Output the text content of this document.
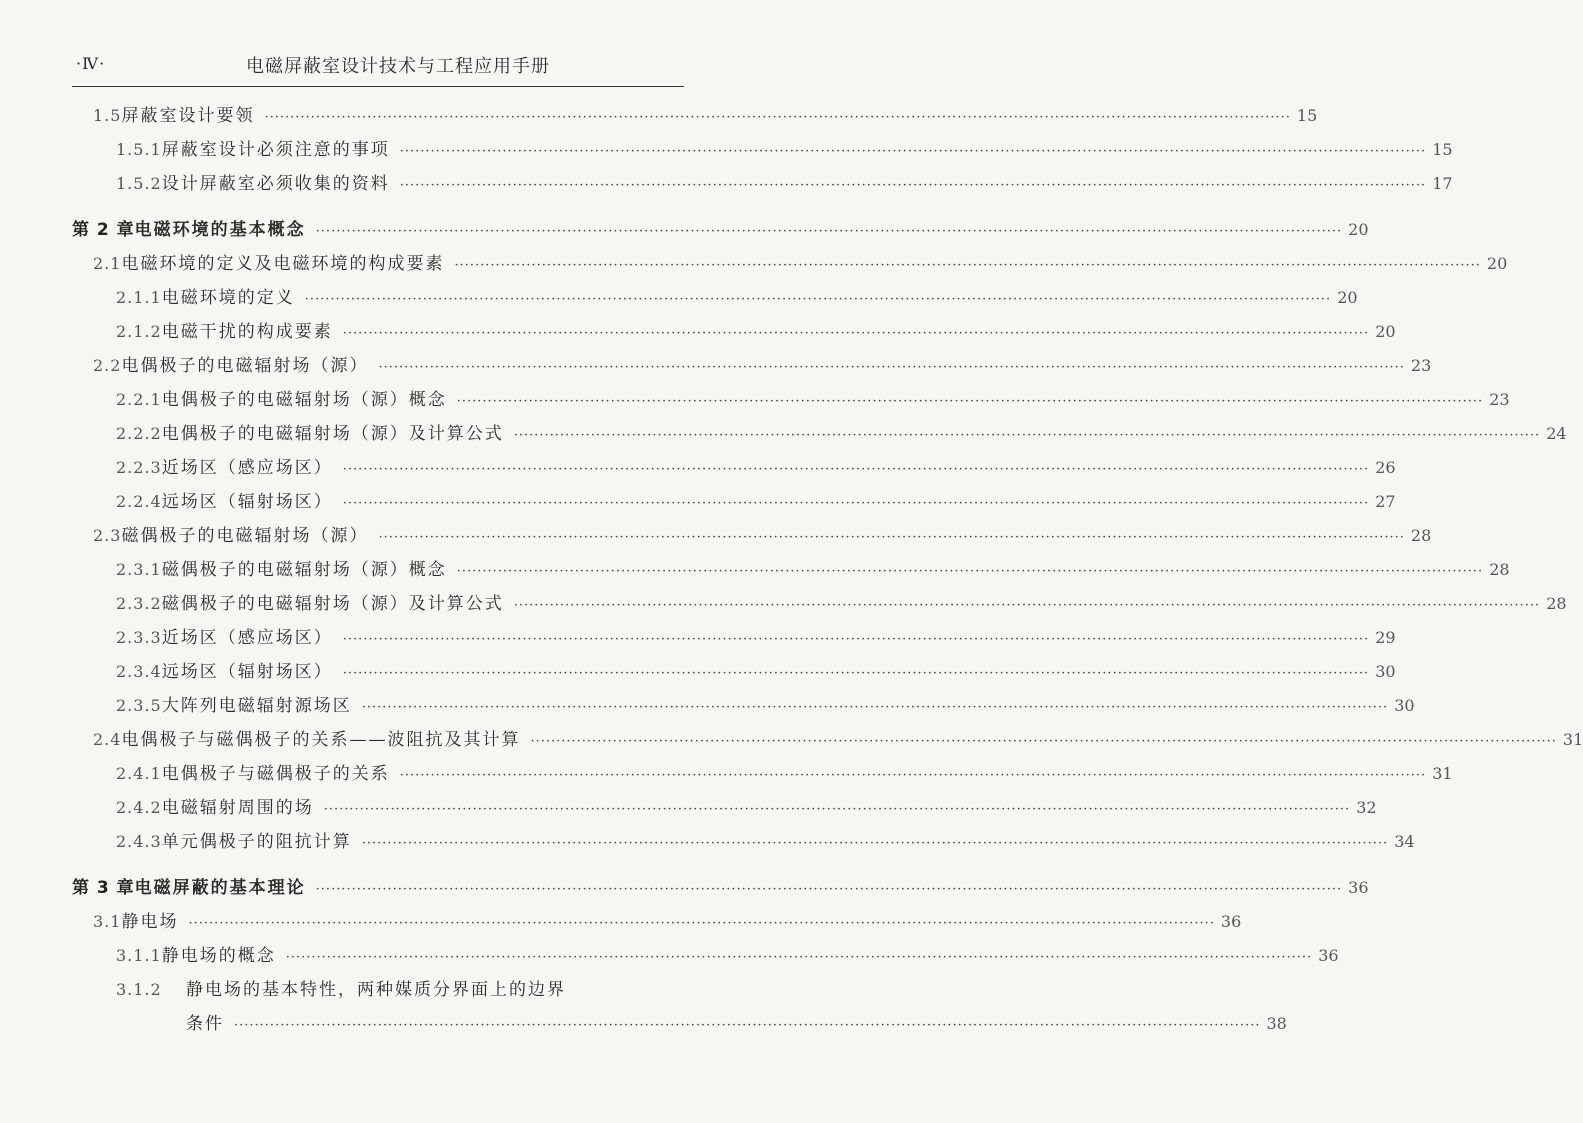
·Ⅳ·	电磁屏蔽室设计技术与工程应用手册
1.5 屏蔽室设计要领 ········································································································································································································ 15
1.5.1 屏蔽室设计必须注意的事项 ········································································································································································································ 15
1.5.2 设计屏蔽室必须收集的资料 ········································································································································································································ 17
第 2 章 电磁环境的基本概念 ········································································································································································································ 20
2.1 电磁环境的定义及电磁环境的构成要素 ········································································································································································································ 20
2.1.1 电磁环境的定义 ········································································································································································································ 20
2.1.2 电磁干扰的构成要素 ········································································································································································································ 20
2.2 电偶极子的电磁辐射场（源） ········································································································································································································ 23
2.2.1 电偶极子的电磁辐射场（源）概念 ········································································································································································································ 23
2.2.2 电偶极子的电磁辐射场（源）及计算公式 ········································································································································································································ 24
2.2.3 近场区（感应场区） ········································································································································································································ 26
2.2.4 远场区（辐射场区） ········································································································································································································ 27
2.3 磁偶极子的电磁辐射场（源） ········································································································································································································ 28
2.3.1 磁偶极子的电磁辐射场（源）概念 ········································································································································································································ 28
2.3.2 磁偶极子的电磁辐射场（源）及计算公式 ········································································································································································································ 28
2.3.3 近场区（感应场区） ········································································································································································································ 29
2.3.4 远场区（辐射场区） ········································································································································································································ 30
2.3.5 大阵列电磁辐射源场区 ········································································································································································································ 30
2.4 电偶极子与磁偶极子的关系——波阻抗及其计算 ········································································································································································································ 31
2.4.1 电偶极子与磁偶极子的关系 ········································································································································································································ 31
2.4.2 电磁辐射周围的场 ········································································································································································································ 32
2.4.3 单元偶极子的阻抗计算 ········································································································································································································ 34
第 3 章 电磁屏蔽的基本理论 ········································································································································································································ 36
3.1 静电场 ········································································································································································································ 36
3.1.1 静电场的概念 ········································································································································································································ 36
3.1.2	静电场的基本特性，两种媒质分界面上的边界
条件 ········································································································································································································ 38
